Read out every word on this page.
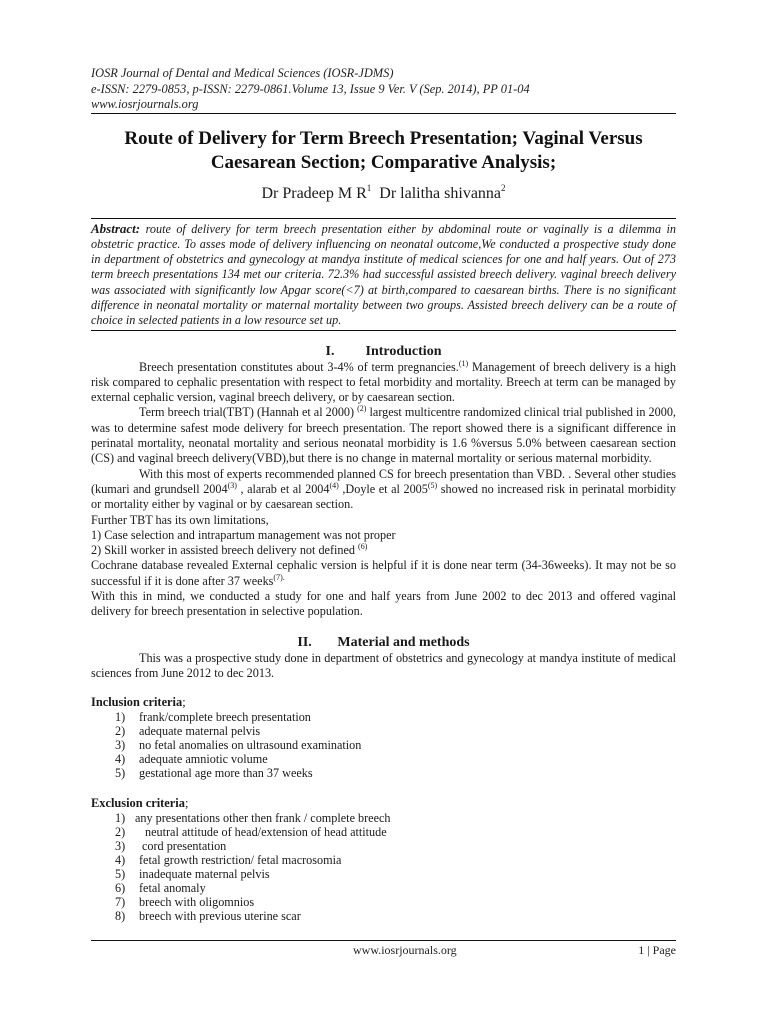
IOSR Journal of Dental and Medical Sciences (IOSR-JDMS)
e-ISSN: 2279-0853, p-ISSN: 2279-0861.Volume 13, Issue 9 Ver. V (Sep. 2014), PP 01-04
www.iosrjournals.org
Route of Delivery for Term Breech Presentation; Vaginal Versus
Caesarean Section; Comparative Analysis;
Dr Pradeep M $R^1$ Dr lalitha shivanna$^2$
Abstract: route of delivery for term breech presentation either by abdominal route or vaginally is a dilemma in obstetric practice. To asses mode of delivery influencing on neonatal outcome,We conducted a prospective study done in department of obstetrics and gynecology at mandya institute of medical sciences for one and half years. Out of 273 term breech presentations 134 met our criteria. 72.3% had successful assisted breech delivery. vaginal breech delivery was associated with significantly low Apgar score(<7) at birth,compared to caesarean births. There is no significant difference in neonatal mortality or maternal mortality between two groups. Assisted breech delivery can be a route of choice in selected patients in a low resource set up.
I. Introduction

Breech presentation constitutes about 3-4% of term pregnancies.$^{(1)}$ Management of breech delivery is a high risk compared to cephalic presentation with respect to fetal morbidity and mortality. Breech at term can be managed by external cephalic version, vaginal breech delivery, or by caesarean section.

Term breech trial(TBT) (Hannah et al 2000) $^{(2)}$ largest multicentre randomized clinical trial published in 2000, was to determine safest mode delivery for breech presentation. The report showed there is a significant difference in perinatal mortality, neonatal mortality and serious neonatal morbidity is 1.6 %versus 5.0% between caesarean section (CS) and vaginal breech delivery(VBD),but there is no change in maternal mortality or serious maternal morbidity.

With this most of experts recommended planned CS for breech presentation than VBD. . Several other studies (kumari and grundsell 2004$^{(3)}$ , alarab et al 2004$^{(4)}$ ,Doyle et al 2005$^{(5)}$ showed no increased risk in perinatal morbidity or mortality either by vaginal or by caesarean section.

Further TBT has its own limitations,

1) Case selection and intrapartum management was not proper

2) Skill worker in assisted breech delivery not defined $^{(6)}$

Cochrane database revealed External cephalic version is helpful if it is done near term (34-36weeks). It may not be so successful if it is done after 37 weeks$^{(7).}$

With this in mind, we conducted a study for one and half years from June 2002 to dec 2013 and offered vaginal delivery for breech presentation in selective population.

II. Material and methods

This was a prospective study done in department of obstetrics and gynecology at mandya institute of medical sciences from June 2012 to dec 2013.

Inclusion criteria;
1) frank/complete breech presentation
2) adequate maternal pelvis
3) no fetal anomalies on ultrasound examination
4) adequate amniotic volume
5) gestational age more than 37 weeks
Exclusion criteria;
1) any presentations other then frank / complete breech
2) neutral attitude of head/extension of head attitude
3) cord presentation
4) fetal growth restriction/ fetal macrosomia
5) inadequate maternal pelvis
6) fetal anomaly
7) breech with oligomnios
8) breech with previous uterine scar
www.iosrjournals.org	1 | Page
